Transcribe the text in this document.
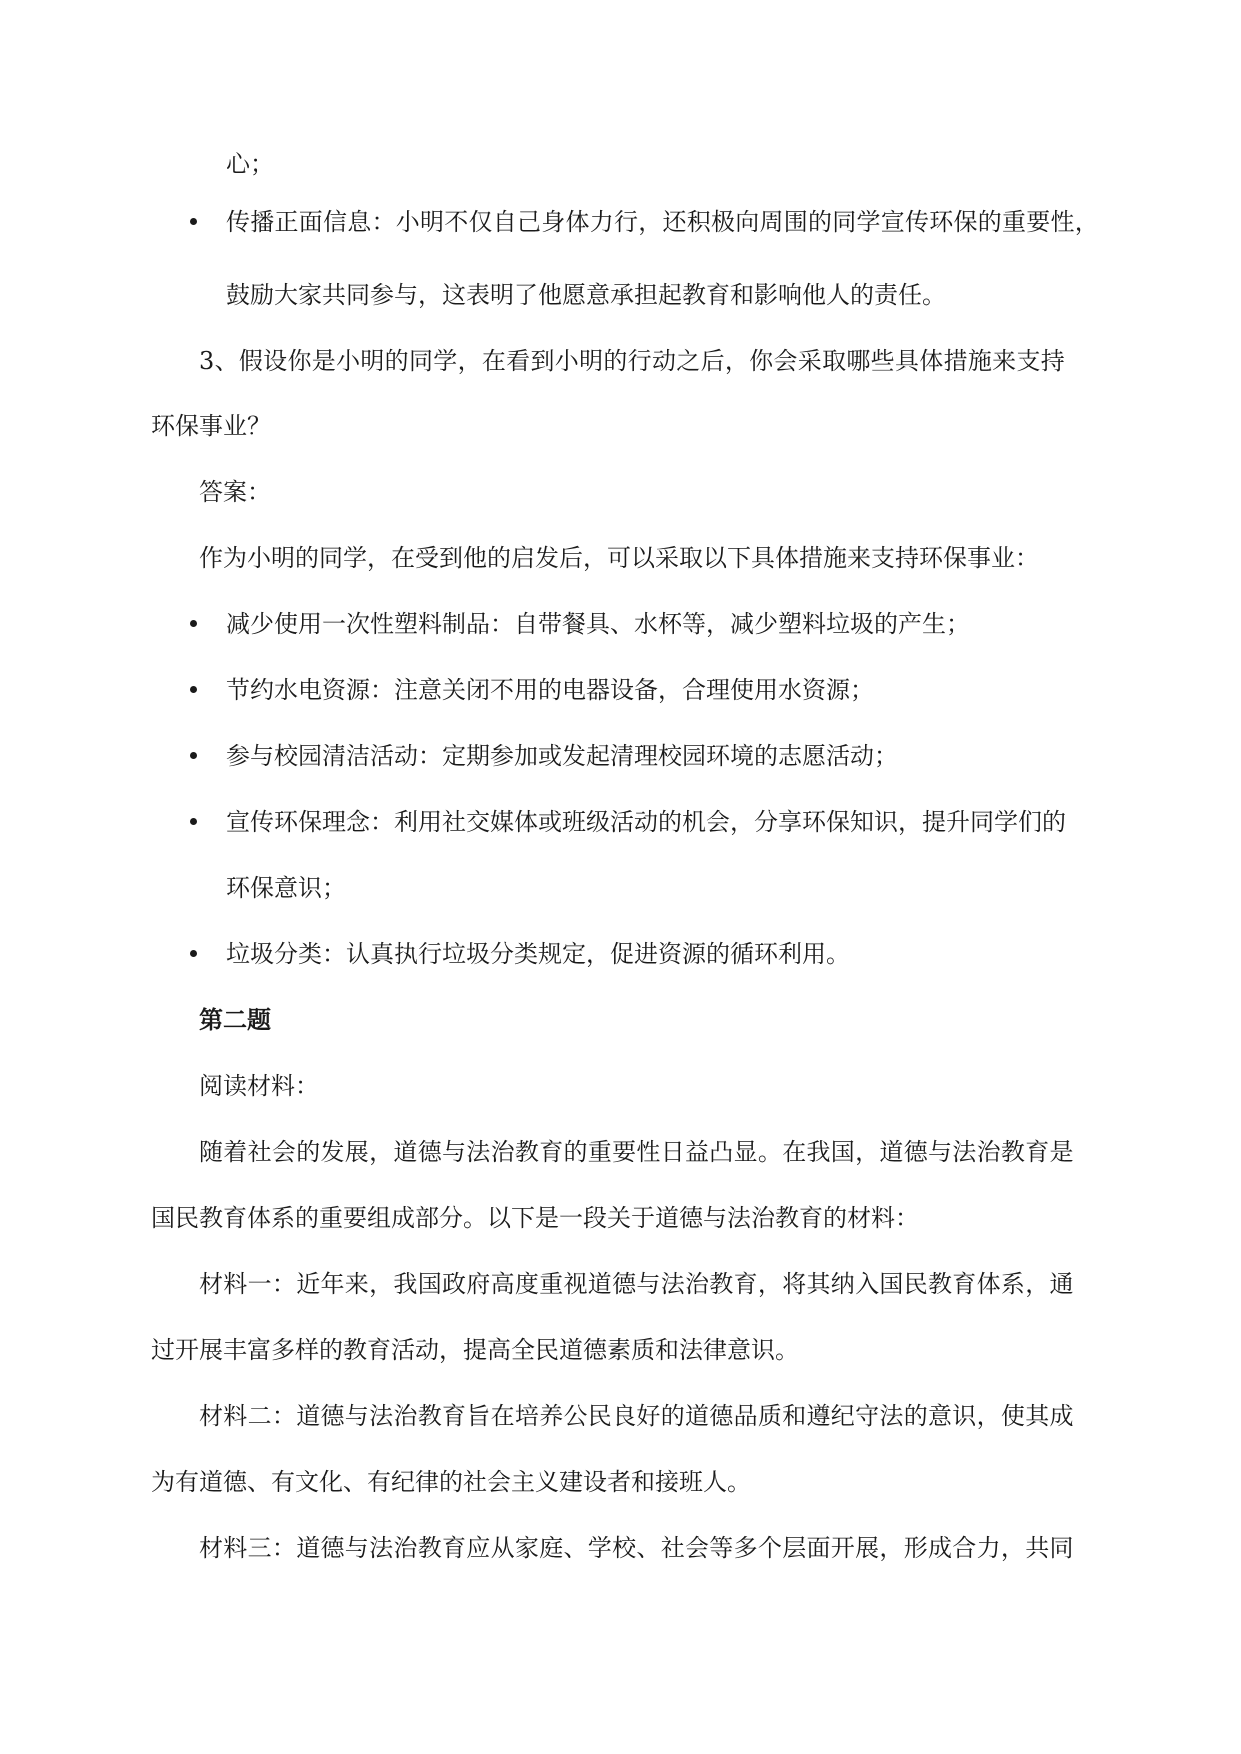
心；
传播正面信息：小明不仅自己身体力行，还积极向周围的同学宣传环保的重要性，
鼓励大家共同参与，这表明了他愿意承担起教育和影响他人的责任。
3、假设你是小明的同学，在看到小明的行动之后，你会采取哪些具体措施来支持
环保事业？
答案：
作为小明的同学，在受到他的启发后，可以采取以下具体措施来支持环保事业：
减少使用一次性塑料制品：自带餐具、水杯等，减少塑料垃圾的产生；
节约水电资源：注意关闭不用的电器设备，合理使用水资源；
参与校园清洁活动：定期参加或发起清理校园环境的志愿活动；
宣传环保理念：利用社交媒体或班级活动的机会，分享环保知识，提升同学们的
环保意识；
垃圾分类：认真执行垃圾分类规定，促进资源的循环利用。
第二题
阅读材料：
随着社会的发展，道德与法治教育的重要性日益凸显。在我国，道德与法治教育是
国民教育体系的重要组成部分。以下是一段关于道德与法治教育的材料：
材料一：近年来，我国政府高度重视道德与法治教育，将其纳入国民教育体系，通
过开展丰富多样的教育活动，提高全民道德素质和法律意识。
材料二：道德与法治教育旨在培养公民良好的道德品质和遵纪守法的意识，使其成
为有道德、有文化、有纪律的社会主义建设者和接班人。
材料三：道德与法治教育应从家庭、学校、社会等多个层面开展，形成合力，共同
